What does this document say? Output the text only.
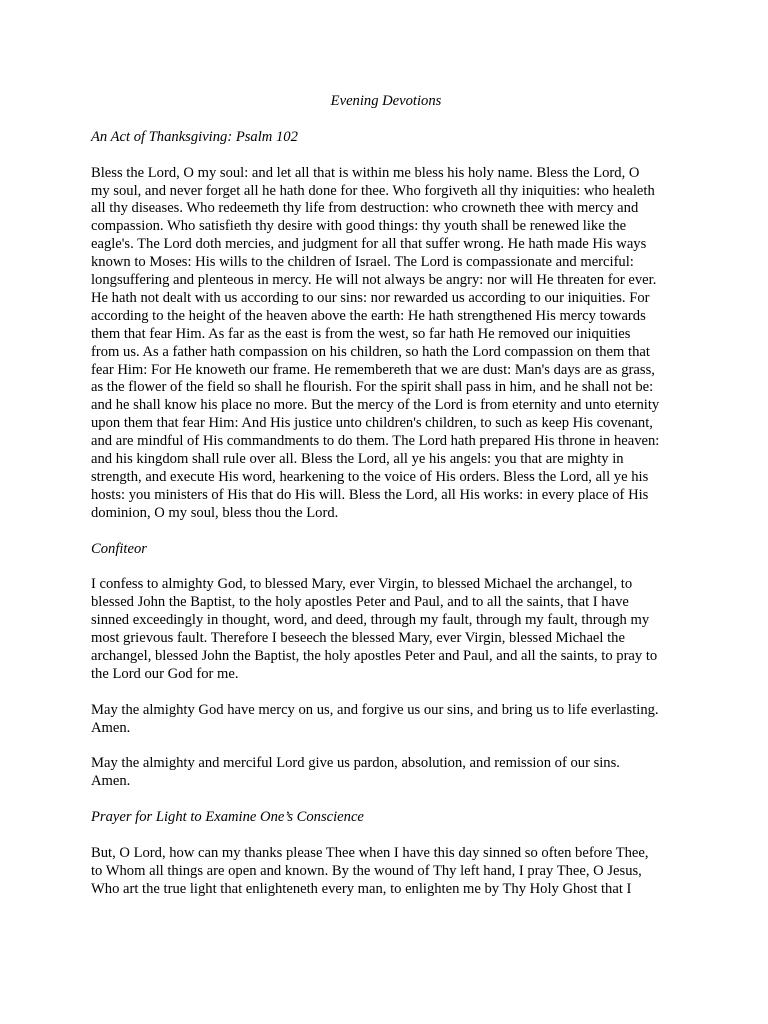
Evening Devotions
An Act of Thanksgiving: Psalm 102
Bless the Lord, O my soul: and let all that is within me bless his holy name. Bless the Lord, O
my soul, and never forget all he hath done for thee. Who forgiveth all thy iniquities: who healeth
all thy diseases. Who redeemeth thy life from destruction: who crowneth thee with mercy and
compassion. Who satisfieth thy desire with good things: thy youth shall be renewed like the
eagle's. The Lord doth mercies, and judgment for all that suffer wrong. He hath made His ways
known to Moses: His wills to the children of Israel. The Lord is compassionate and merciful:
longsuffering and plenteous in mercy. He will not always be angry: nor will He threaten for ever.
He hath not dealt with us according to our sins: nor rewarded us according to our iniquities. For
according to the height of the heaven above the earth: He hath strengthened His mercy towards
them that fear Him. As far as the east is from the west, so far hath He removed our iniquities
from us. As a father hath compassion on his children, so hath the Lord compassion on them that
fear Him: For He knoweth our frame. He remembereth that we are dust: Man's days are as grass,
as the flower of the field so shall he flourish. For the spirit shall pass in him, and he shall not be:
and he shall know his place no more. But the mercy of the Lord is from eternity and unto eternity
upon them that fear Him: And His justice unto children's children, to such as keep His covenant,
and are mindful of His commandments to do them. The Lord hath prepared His throne in heaven:
and his kingdom shall rule over all. Bless the Lord, all ye his angels: you that are mighty in
strength, and execute His word, hearkening to the voice of His orders. Bless the Lord, all ye his
hosts: you ministers of His that do His will. Bless the Lord, all His works: in every place of His
dominion, O my soul, bless thou the Lord.
Confiteor
I confess to almighty God, to blessed Mary, ever Virgin, to blessed Michael the archangel, to
blessed John the Baptist, to the holy apostles Peter and Paul, and to all the saints, that I have
sinned exceedingly in thought, word, and deed, through my fault, through my fault, through my
most grievous fault. Therefore I beseech the blessed Mary, ever Virgin, blessed Michael the
archangel, blessed John the Baptist, the holy apostles Peter and Paul, and all the saints, to pray to
the Lord our God for me.
May the almighty God have mercy on us, and forgive us our sins, and bring us to life everlasting.
Amen.
May the almighty and merciful Lord give us pardon, absolution, and remission of our sins.
Amen.
Prayer for Light to Examine One’s Conscience
But, O Lord, how can my thanks please Thee when I have this day sinned so often before Thee,
to Whom all things are open and known. By the wound of Thy left hand, I pray Thee, O Jesus,
Who art the true light that enlighteneth every man, to enlighten me by Thy Holy Ghost that I
